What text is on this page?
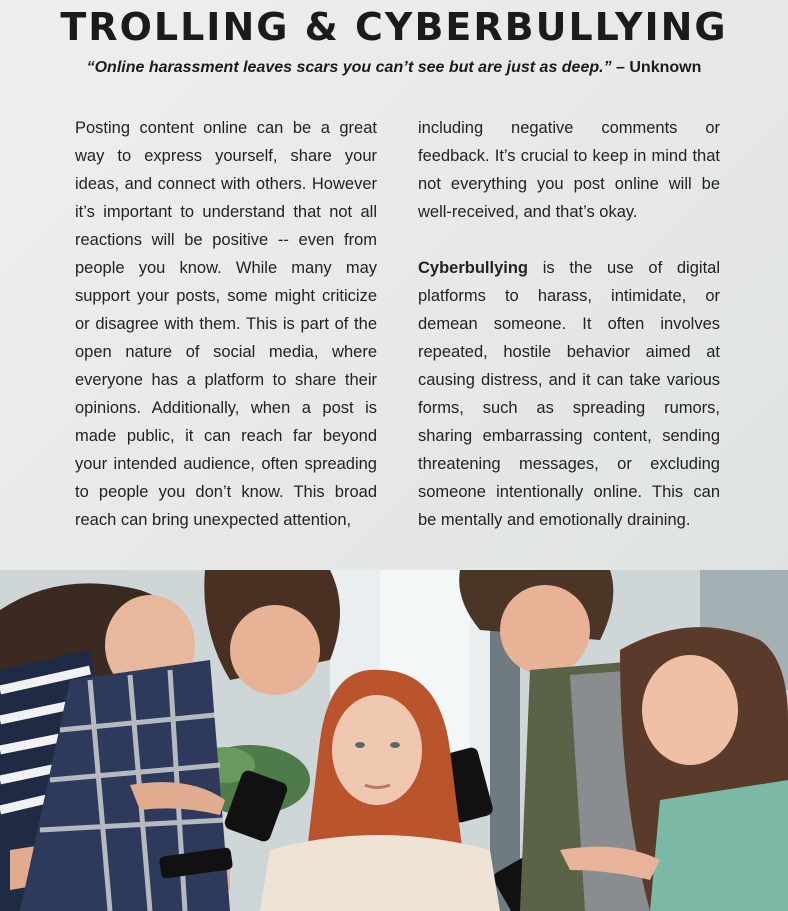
TROLLING & CYBERBULLYING
“Online harassment leaves scars you can’t see but are just as deep.” – Unknown

Posting content online can be a great way to express yourself, share your ideas, and connect with others. However it’s important to understand that not all reactions will be positive -- even from people you know. While many may support your posts, some might criticize or disagree with them. This is part of the open nature of social media, where everyone has a platform to share their opinions. Additionally, when a post is made public, it can reach far beyond your intended audience, often spreading to people you don’t know. This broad reach can bring unexpected attention,

including negative comments or feedback. It’s crucial to keep in mind that not everything you post online will be well-received, and that’s okay.

Cyberbullying is the use of digital platforms to harass, intimidate, or demean someone. It often involves repeated, hostile behavior aimed at causing distress, and it can take various forms, such as spreading rumors, sharing embarrassing content, sending threatening messages, or excluding someone intentionally online. This can be mentally and emotionally draining.
